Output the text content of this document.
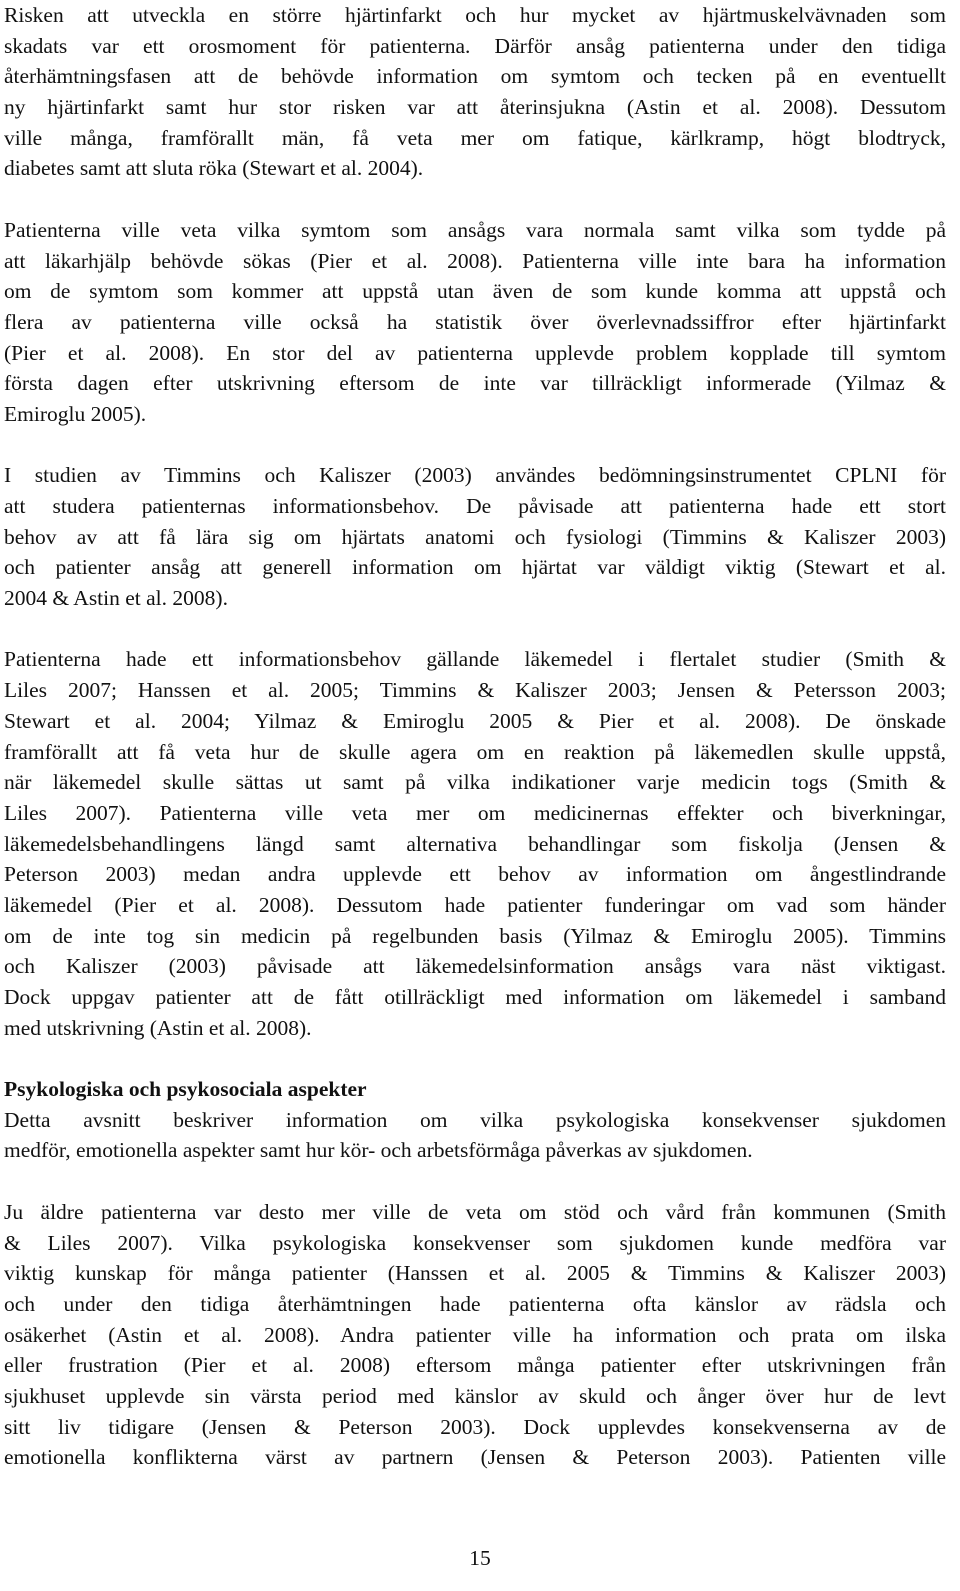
Risken att utveckla en större hjärtinfarkt och hur mycket av hjärtmuskelvävnaden som
skadats var ett orosmoment för patienterna. Därför ansåg patienterna under den tidiga
återhämtningsfasen att de behövde information om symtom och tecken på en eventuellt
ny hjärtinfarkt samt hur stor risken var att återinsjukna (Astin et al. 2008). Dessutom
ville många, framförallt män, få veta mer om fatique, kärlkramp, högt blodtryck,
diabetes samt att sluta röka (Stewart et al. 2004).
Patienterna ville veta vilka symtom som ansågs vara normala samt vilka som tydde på
att läkarhjälp behövde sökas (Pier et al. 2008). Patienterna ville inte bara ha information
om de symtom som kommer att uppstå utan även de som kunde komma att uppstå och
flera av patienterna ville också ha statistik över överlevnadssiffror efter hjärtinfarkt
(Pier et al. 2008). En stor del av patienterna upplevde problem kopplade till symtom
första dagen efter utskrivning eftersom de inte var tillräckligt informerade (Yilmaz &
Emiroglu 2005).
I studien av Timmins och Kaliszer (2003) användes bedömningsinstrumentet CPLNI för
att studera patienternas informationsbehov. De påvisade att patienterna hade ett stort
behov av att få lära sig om hjärtats anatomi och fysiologi (Timmins & Kaliszer 2003)
och patienter ansåg att generell information om hjärtat var väldigt viktig (Stewart et al.
2004 & Astin et al. 2008).
Patienterna hade ett informationsbehov gällande läkemedel i flertalet studier (Smith &
Liles 2007; Hanssen et al. 2005; Timmins & Kaliszer 2003; Jensen & Petersson 2003;
Stewart et al. 2004; Yilmaz & Emiroglu 2005 & Pier et al. 2008). De önskade
framförallt att få veta hur de skulle agera om en reaktion på läkemedlen skulle uppstå,
när läkemedel skulle sättas ut samt på vilka indikationer varje medicin togs (Smith &
Liles 2007). Patienterna ville veta mer om medicinernas effekter och biverkningar,
läkemedelsbehandlingens längd samt alternativa behandlingar som fiskolja (Jensen &
Peterson 2003) medan andra upplevde ett behov av information om ångestlindrande
läkemedel (Pier et al. 2008). Dessutom hade patienter funderingar om vad som händer
om de inte tog sin medicin på regelbunden basis (Yilmaz & Emiroglu 2005). Timmins
och Kaliszer (2003) påvisade att läkemedelsinformation ansågs vara näst viktigast.
Dock uppgav patienter att de fått otillräckligt med information om läkemedel i samband
med utskrivning (Astin et al. 2008).
Psykologiska och psykosociala aspekter
Detta avsnitt beskriver information om vilka psykologiska konsekvenser sjukdomen
medför, emotionella aspekter samt hur kör- och arbetsförmåga påverkas av sjukdomen.
Ju äldre patienterna var desto mer ville de veta om stöd och vård från kommunen (Smith
& Liles 2007). Vilka psykologiska konsekvenser som sjukdomen kunde medföra var
viktig kunskap för många patienter (Hanssen et al. 2005 & Timmins & Kaliszer 2003)
och under den tidiga återhämtningen hade patienterna ofta känslor av rädsla och
osäkerhet (Astin et al. 2008). Andra patienter ville ha information och prata om ilska
eller frustration (Pier et al. 2008) eftersom många patienter efter utskrivningen från
sjukhuset upplevde sin värsta period med känslor av skuld och ånger över hur de levt
sitt liv tidigare (Jensen & Peterson 2003). Dock upplevdes konsekvenserna av de
emotionella konflikterna värst av partnern (Jensen & Peterson 2003). Patienten ville
15
